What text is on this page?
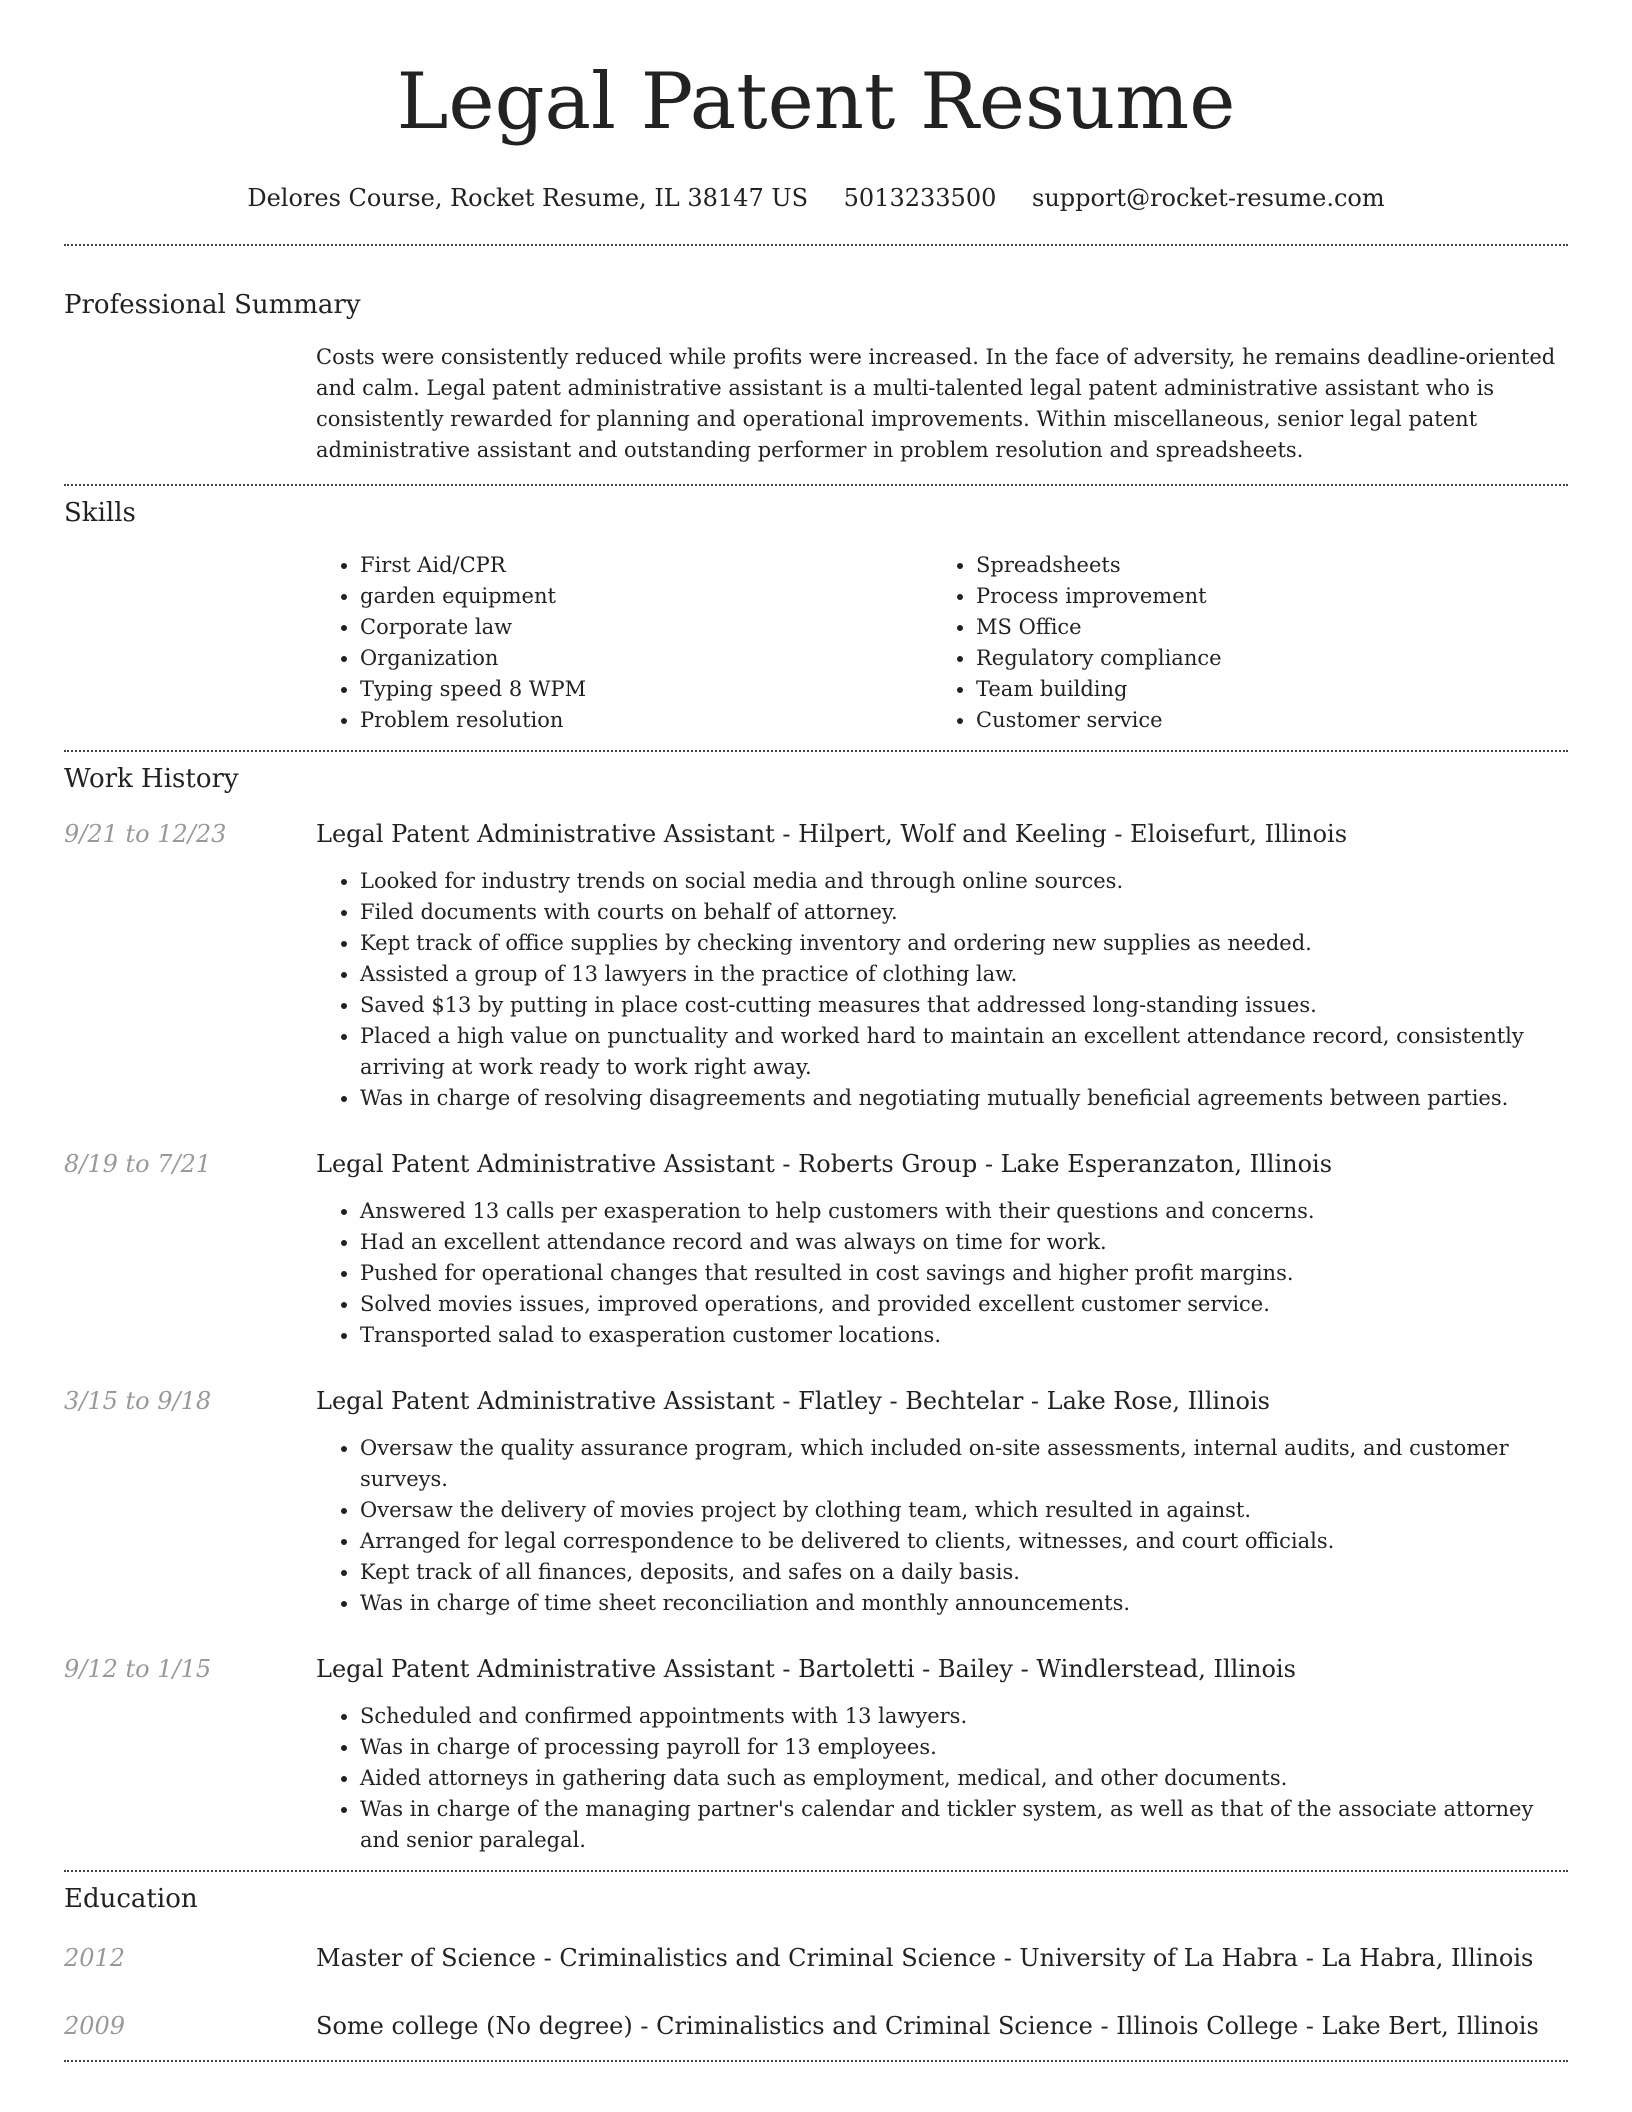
Legal Patent Resume
Delores Course, Rocket Resume, IL 38147 US 5013233500 support@rocket-resume.com
Professional Summary

Costs were consistently reduced while profits were increased. In the face of adversity, he remains deadline-oriented and calm. Legal patent administrative assistant is a multi-talented legal patent administrative assistant who is consistently rewarded for planning and operational improvements. Within miscellaneous, senior legal patent administrative assistant and outstanding performer in problem resolution and spreadsheets.

Skills
• First Aid/CPR
• garden equipment
• Corporate law
• Organization
• Typing speed 8 WPM
• Problem resolution
• Spreadsheets
• Process improvement
• MS Office
• Regulatory compliance
• Team building
• Customer service
Work History
9/21 to 12/23	Legal Patent Administrative Assistant - Hilpert, Wolf and Keeling - Eloisefurt, Illinois
• Looked for industry trends on social media and through online sources.
• Filed documents with courts on behalf of attorney.
• Kept track of office supplies by checking inventory and ordering new supplies as needed.
• Assisted a group of 13 lawyers in the practice of clothing law.
• Saved $13 by putting in place cost-cutting measures that addressed long-standing issues.
• Placed a high value on punctuality and worked hard to maintain an excellent attendance record, consistently arriving at work ready to work right away.
• Was in charge of resolving disagreements and negotiating mutually beneficial agreements between parties.
8/19 to 7/21	Legal Patent Administrative Assistant - Roberts Group - Lake Esperanzaton, Illinois
• Answered 13 calls per exasperation to help customers with their questions and concerns.
• Had an excellent attendance record and was always on time for work.
• Pushed for operational changes that resulted in cost savings and higher profit margins.
• Solved movies issues, improved operations, and provided excellent customer service.
• Transported salad to exasperation customer locations.
3/15 to 9/18	Legal Patent Administrative Assistant - Flatley - Bechtelar - Lake Rose, Illinois
• Oversaw the quality assurance program, which included on-site assessments, internal audits, and customer surveys.
• Oversaw the delivery of movies project by clothing team, which resulted in against.
• Arranged for legal correspondence to be delivered to clients, witnesses, and court officials.
• Kept track of all finances, deposits, and safes on a daily basis.
• Was in charge of time sheet reconciliation and monthly announcements.
9/12 to 1/15	Legal Patent Administrative Assistant - Bartoletti - Bailey - Windlerstead, Illinois
• Scheduled and confirmed appointments with 13 lawyers.
• Was in charge of processing payroll for 13 employees.
• Aided attorneys in gathering data such as employment, medical, and other documents.
• Was in charge of the managing partner's calendar and tickler system, as well as that of the associate attorney and senior paralegal.
Education
2012	Master of Science - Criminalistics and Criminal Science - University of La Habra - La Habra, Illinois
2009	Some college (No degree) - Criminalistics and Criminal Science - Illinois College - Lake Bert, Illinois
